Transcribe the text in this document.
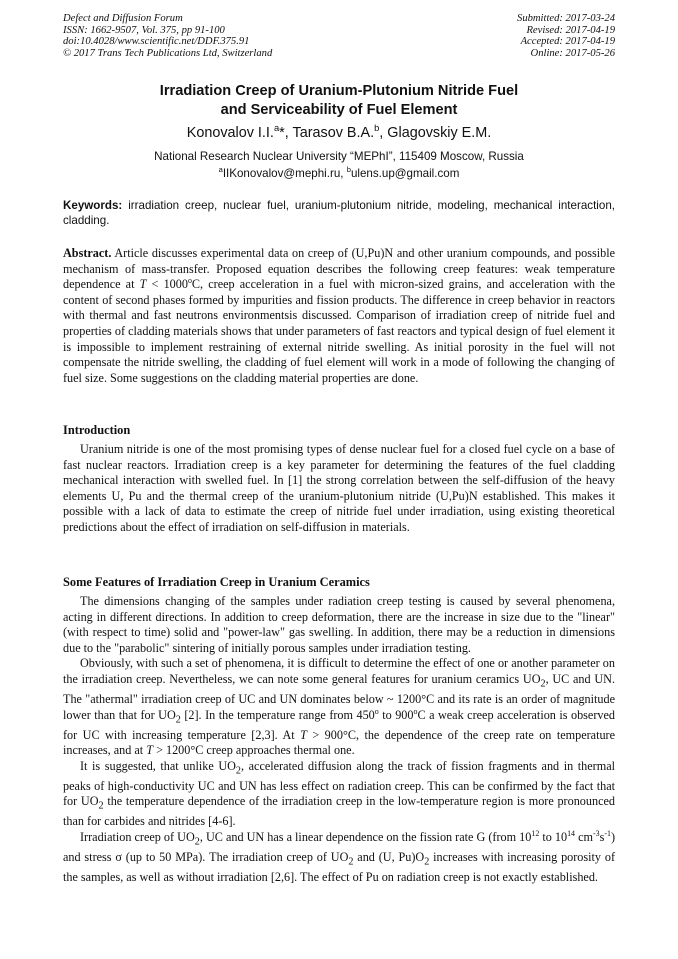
Defect and Diffusion Forum
ISSN: 1662-9507, Vol. 375, pp 91-100
doi:10.4028/www.scientific.net/DDF.375.91
© 2017 Trans Tech Publications Ltd, Switzerland
Submitted: 2017-03-24
Revised: 2017-04-19
Accepted: 2017-04-19
Online: 2017-05-26
Irradiation Creep of Uranium-Plutonium Nitride Fuel
and Serviceability of Fuel Element
Konovalov I.I.$^a$*, Tarasov B.A.$^b$, Glagovskiy E.M.
National Research Nuclear University “MEPhI”, 115409 Moscow, Russia
$^a$IIKonovalov@mephi.ru, $^b$ulens.up@gmail.com
Keywords: irradiation creep, nuclear fuel, uranium-plutonium nitride, modeling, mechanical interaction, cladding.

Abstract. Article discusses experimental data on creep of (U,Pu)N and other uranium compounds, and possible mechanism of mass-transfer. Proposed equation describes the following creep features: weak temperature dependence at $T < 1000^oC$, creep acceleration in a fuel with micron-sized grains, and acceleration with the content of second phases formed by impurities and fission products. The difference in creep behavior in reactors with thermal and fast neutrons environmentsis discussed. Comparison of irradiation creep of nitride fuel and properties of cladding materials shows that under parameters of fast reactors and typical design of fuel element it is impossible to implement restraining of external nitride swelling. As initial porosity in the fuel will not compensate the nitride swelling, the cladding of fuel element will work in a mode of following the changing of fuel size. Some suggestions on the cladding material properties are done.

Introduction

Uranium nitride is one of the most promising types of dense nuclear fuel for a closed fuel cycle on a base of fast nuclear reactors. Irradiation creep is a key parameter for determining the features of the fuel cladding mechanical interaction with swelled fuel. In [1] the strong correlation between the self-diffusion of the heavy elements U, Pu and the thermal creep of the uranium-plutonium nitride (U,Pu)N established. This makes it possible with a lack of data to estimate the creep of nitride fuel under irradiation, using existing theoretical predictions about the effect of irradiation on self-diffusion in materials.

Some Features of Irradiation Creep in Uranium Ceramics

The dimensions changing of the samples under radiation creep testing is caused by several phenomena, acting in different directions. In addition to creep deformation, there are the increase in size due to the "linear" (with respect to time) solid and "power-law" gas swelling. In addition, there may be a reduction in dimensions due to the "parabolic" sintering of initially porous samples under irradiation testing.

Obviously, with such a set of phenomena, it is difficult to determine the effect of one or another parameter on the irradiation creep. Nevertheless, we can note some general features for uranium ceramics $UO_2$, UC and UN. The "athermal" irradiation creep of UC and UN dominates below ~ 1200°C and its rate is an order of magnitude lower than that for $UO_2$ [2]. In the temperature range from 450$^o$ to 900$^o$C a weak creep acceleration is observed for UC with increasing temperature [2,3]. At T > 900°C, the dependence of the creep rate on temperature increases, and at T > 1200°C creep approaches thermal one.

It is suggested, that unlike $UO_2$, accelerated diffusion along the track of fission fragments and in thermal peaks of high-conductivity UC and UN has less effect on radiation creep. This can be confirmed by the fact that for $UO_2$ the temperature dependence of the irradiation creep in the low-temperature region is more pronounced than for carbides and nitrides [4-6].

Irradiation creep of $UO_2$, UC and UN has a linear dependence on the fission rate G (from $10^{12}$ to $10^{14}$ $cm^{-3}s^{-1}$) and stress σ (up to 50 MPa). The irradiation creep of $UO_2$ and (U, $Pu)O_2$ increases with increasing porosity of the samples, as well as without irradiation [2,6]. The effect of Pu on radiation creep is not exactly established.
